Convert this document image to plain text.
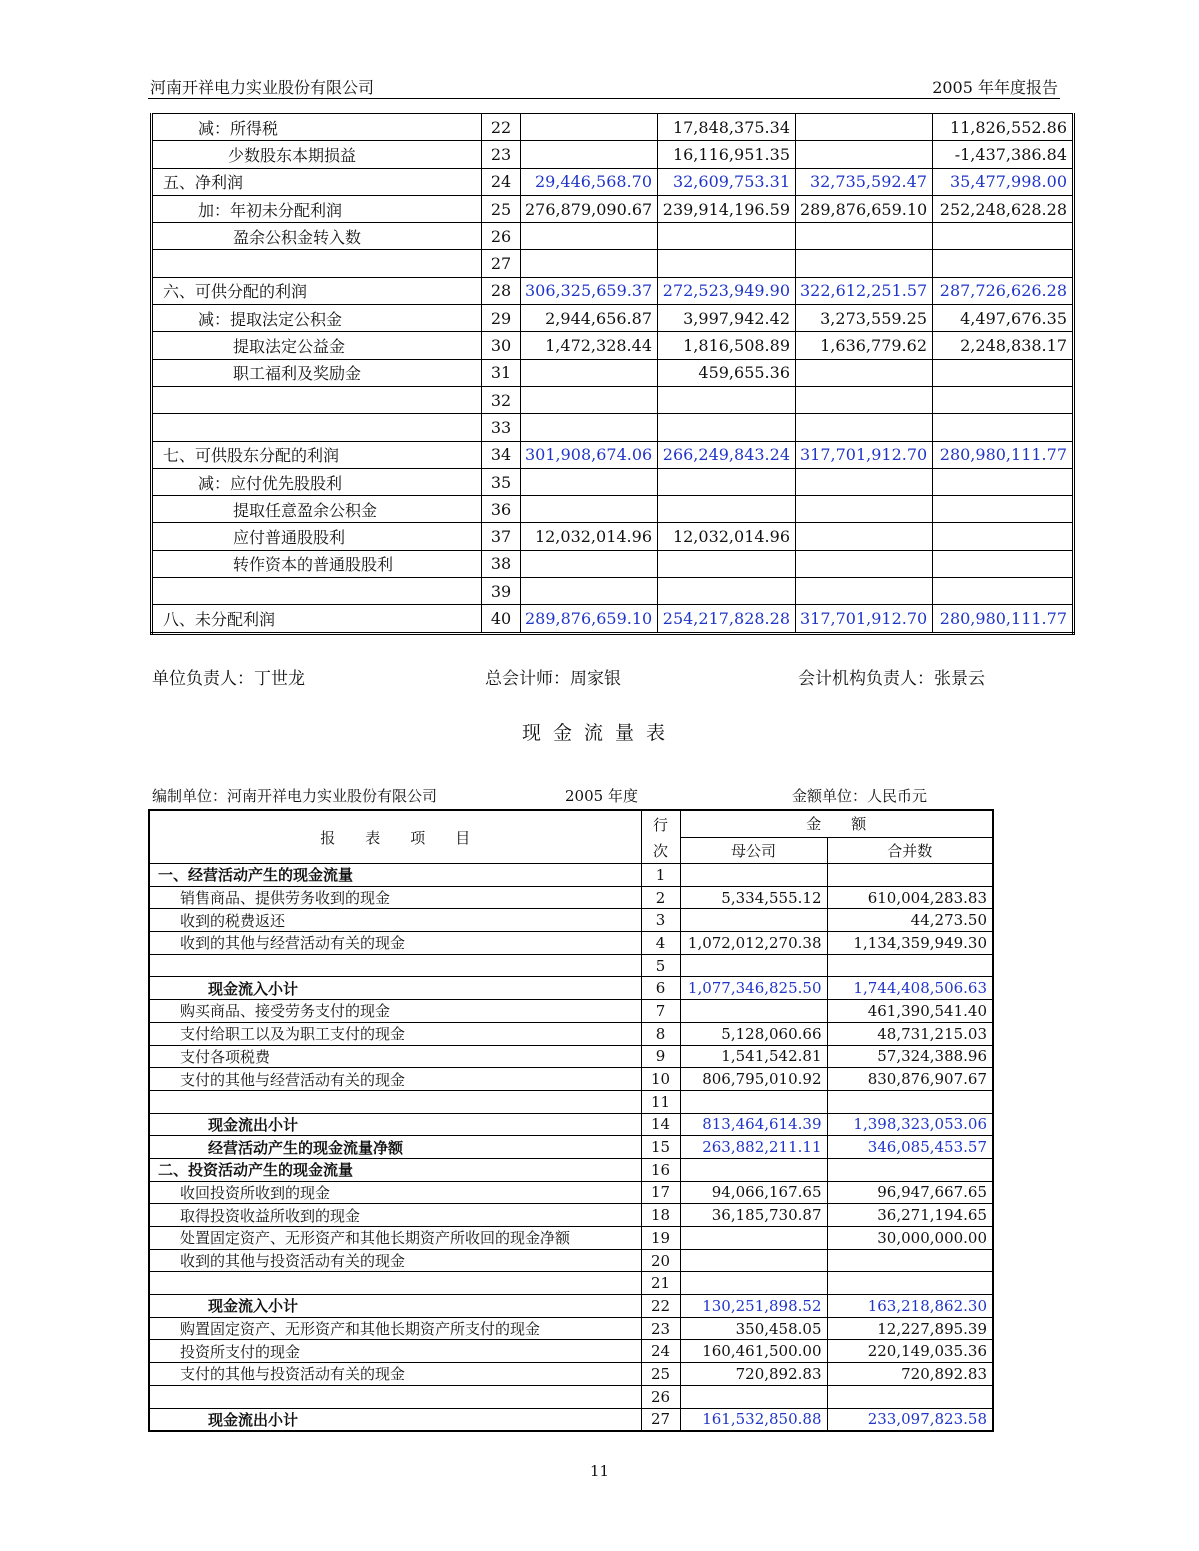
河南开祥电力实业股份有限公司	2005 年年度报告
减：所得税	22		17,848,375.34		11,826,552.86
少数股东本期损益	23		16,116,951.35		-1,437,386.84
五、净利润	24	29,446,568.70	32,609,753.31	32,735,592.47	35,477,998.00
加：年初未分配利润	25	276,879,090.67	239,914,196.59	289,876,659.10	252,248,628.28
盈余公积金转入数	26				
	27				
六、可供分配的利润	28	306,325,659.37	272,523,949.90	322,612,251.57	287,726,626.28
减：提取法定公积金	29	2,944,656.87	3,997,942.42	3,273,559.25	4,497,676.35
提取法定公益金	30	1,472,328.44	1,816,508.89	1,636,779.62	2,248,838.17
职工福利及奖励金	31		459,655.36		
	32				
	33				
七、可供股东分配的利润	34	301,908,674.06	266,249,843.24	317,701,912.70	280,980,111.77
减：应付优先股股利	35				
提取任意盈余公积金	36				
应付普通股股利	37	12,032,014.96	12,032,014.96		
转作资本的普通股股利	38				
	39				
八、未分配利润	40	289,876,659.10	254,217,828.28	317,701,912.70	280,980,111.77
单位负责人：丁世龙	总会计师：周家银	会计机构负责人：张景云
现金流量表
编制单位：河南开祥电力实业股份有限公司	2005 年度	金额单位：人民币元
报　　表　　项　　目	行	金　　额	
	次	母公司	合并数
一、经营活动产生的现金流量	1		
销售商品、提供劳务收到的现金	2	5,334,555.12	610,004,283.83
收到的税费返还	3		44,273.50
收到的其他与经营活动有关的现金	4	1,072,012,270.38	1,134,359,949.30
	5		
现金流入小计	6	1,077,346,825.50	1,744,408,506.63
购买商品、接受劳务支付的现金	7		461,390,541.40
支付给职工以及为职工支付的现金	8	5,128,060.66	48,731,215.03
支付各项税费	9	1,541,542.81	57,324,388.96
支付的其他与经营活动有关的现金	10	806,795,010.92	830,876,907.67
	11		
现金流出小计	14	813,464,614.39	1,398,323,053.06
经营活动产生的现金流量净额	15	263,882,211.11	346,085,453.57
二、投资活动产生的现金流量	16		
收回投资所收到的现金	17	94,066,167.65	96,947,667.65
取得投资收益所收到的现金	18	36,185,730.87	36,271,194.65
处置固定资产、无形资产和其他长期资产所收回的现金净额	19		30,000,000.00
收到的其他与投资活动有关的现金	20		
	21		
现金流入小计	22	130,251,898.52	163,218,862.30
购置固定资产、无形资产和其他长期资产所支付的现金	23	350,458.05	12,227,895.39
投资所支付的现金	24	160,461,500.00	220,149,035.36
支付的其他与投资活动有关的现金	25	720,892.83	720,892.83
	26		
现金流出小计	27	161,532,850.88	233,097,823.58
11
